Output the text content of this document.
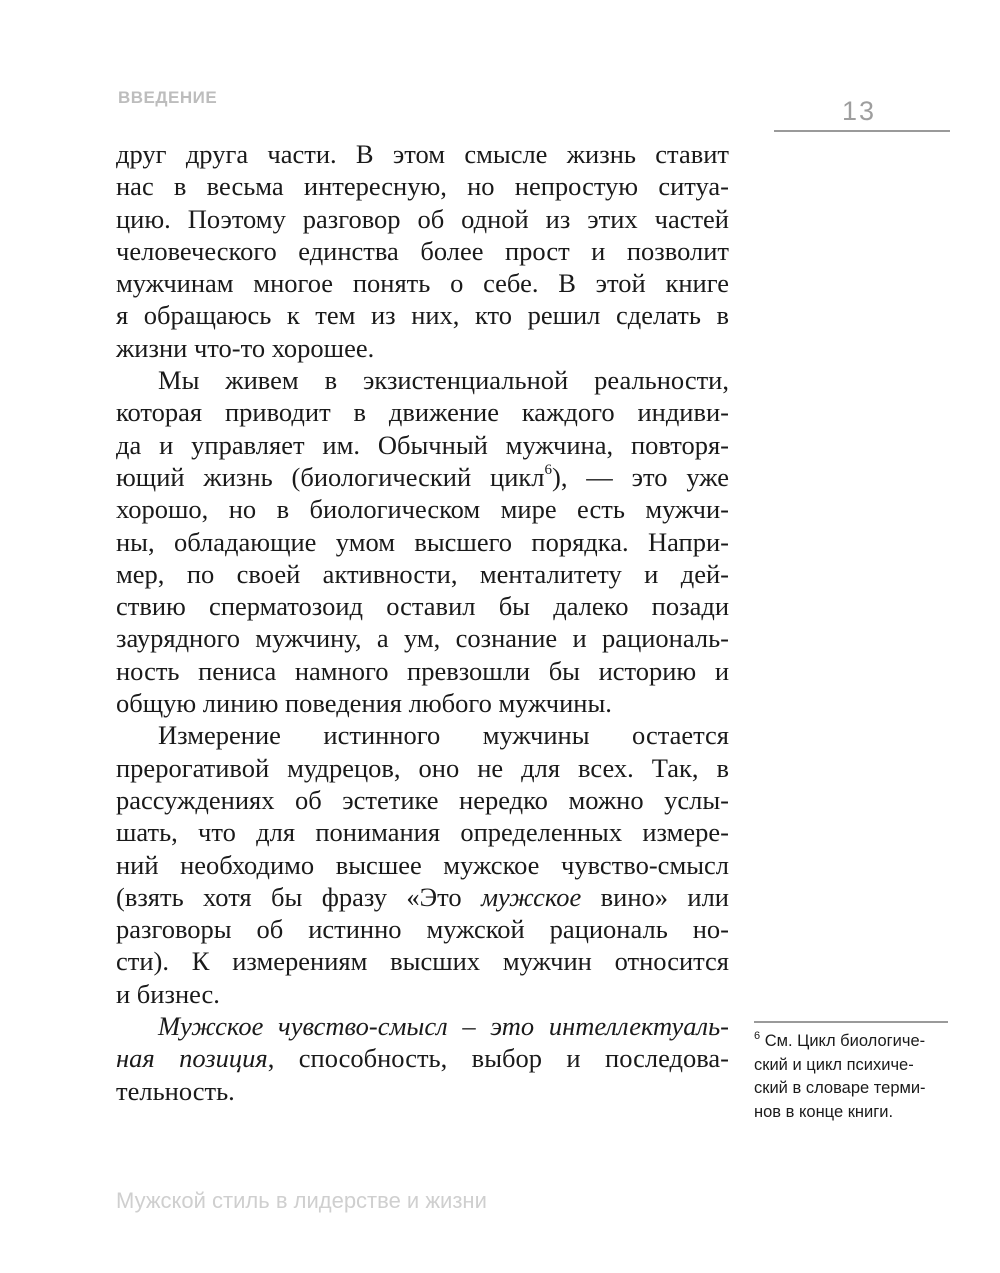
ВВЕДЕНИЕ	13

друг друга части. В этом смысле жизнь ставит
нас в весьма интересную, но непростую ситуа-
цию. Поэтому разговор об одной из этих частей
человеческого единства более прост и позволит
мужчинам многое понять о себе. В этой книге
я обращаюсь к тем из них, кто решил сделать в
жизни что-то хорошее.

Мы живем в экзистенциальной реальности,
которая приводит в движение каждого индиви-
да и управляет им. Обычный мужчина, повторя-
ющий жизнь (биологический цикл$^6$), — это уже
хорошо, но в биологическом мире есть мужчи-
ны, обладающие умом высшего порядка. Напри-
мер, по своей активности, менталитету и дей-
ствию сперматозоид оставил бы далеко позади
заурядного мужчину, а ум, сознание и рациональ-
ность пениса намного превзошли бы историю и
общую линию поведения любого мужчины.

Измерение истинного мужчины остается
прерогативой мудрецов, оно не для всех. Так, в
рассуждениях об эстетике нередко можно услы-
шать, что для понимания определенных измере-
ний необходимо высшее мужское чувство-смысл
(взять хотя бы фразу «Это мужское вино» или
разговоры об истинно мужской рациональ но-
сти). К измерениям высших мужчин относится
и бизнес.

Мужское чувство-смысл – это интеллектуаль-
ная позиция, способность, выбор и последова-
тельность.

$^6$ См. Цикл биологиче-
ский и цикл психиче-
ский в словаре терми-
нов в конце книги.
Мужской стиль в лидерстве и жизни
